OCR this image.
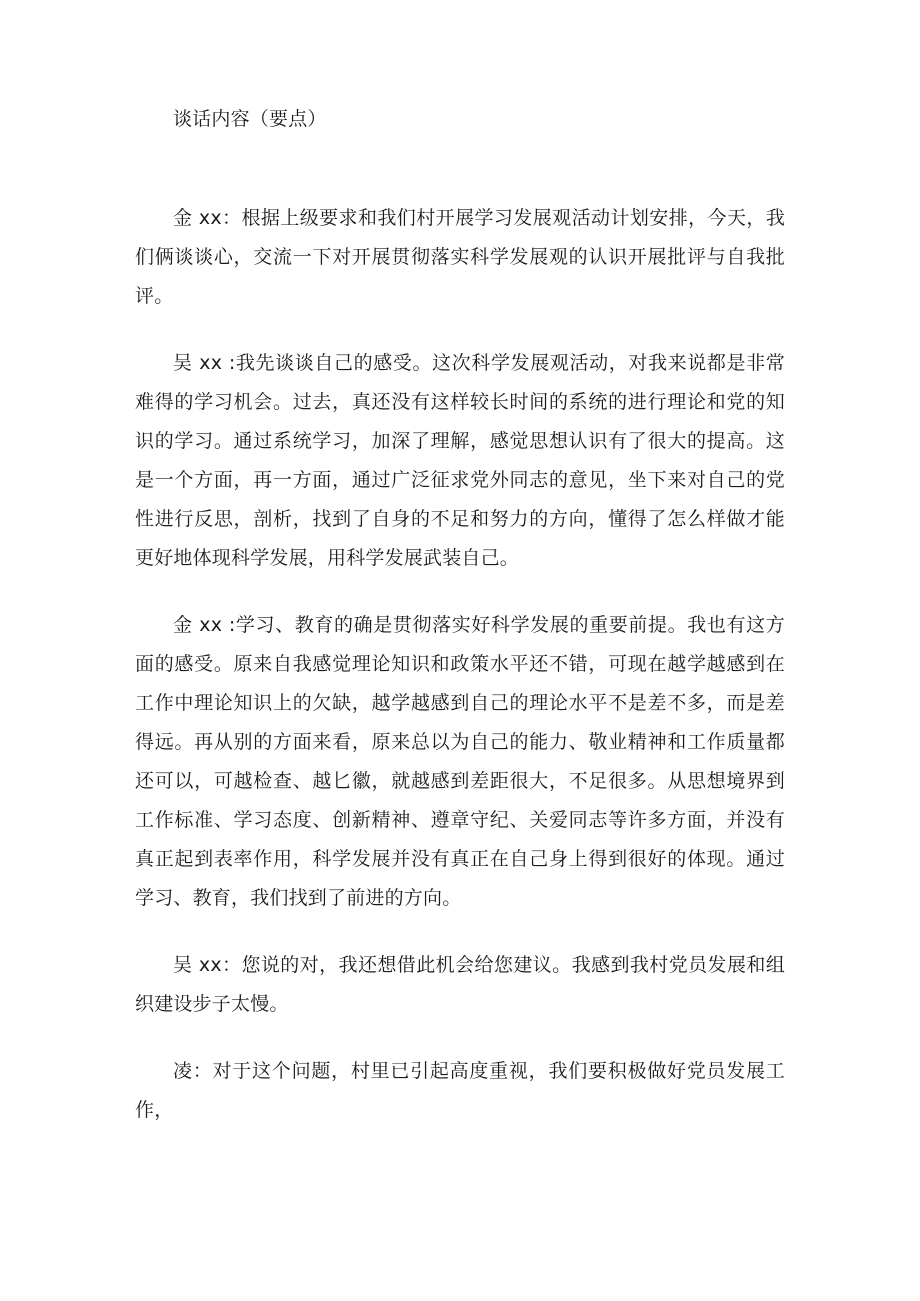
谈话内容（要点）

金 xx：根据上级要求和我们村开展学习发展观活动计划安排，今天，我们俩谈谈心，交流一下对开展贯彻落实科学发展观的认识开展批评与自我批评。

吴 xx :我先谈谈自己的感受。这次科学发展观活动，对我来说都是非常难得的学习机会。过去，真还没有这样较长时间的系统的进行理论和党的知识的学习。通过系统学习，加深了理解，感觉思想认识有了很大的提高。这是一个方面，再一方面，通过广泛征求党外同志的意见，坐下来对自己的党性进行反思，剖析，找到了自身的不足和努力的方向，懂得了怎么样做才能更好地体现科学发展，用科学发展武装自己。

金 xx :学习、教育的确是贯彻落实好科学发展的重要前提。我也有这方面的感受。原来自我感觉理论知识和政策水平还不错，可现在越学越感到在工作中理论知识上的欠缺，越学越感到自己的理论水平不是差不多，而是差得远。再从别的方面来看，原来总以为自己的能力、敬业精神和工作质量都还可以，可越检查、越匕徽，就越感到差距很大，不足很多。从思想境界到工作标准、学习态度、创新精神、遵章守纪、关爱同志等许多方面，并没有真正起到表率作用，科学发展并没有真正在自己身上得到很好的体现。通过学习、教育，我们找到了前进的方向。

吴 xx：您说的对，我还想借此机会给您建议。我感到我村党员发展和组织建设步子太慢。

凌：对于这个问题，村里已引起高度重视，我们要积极做好党员发展工作，
